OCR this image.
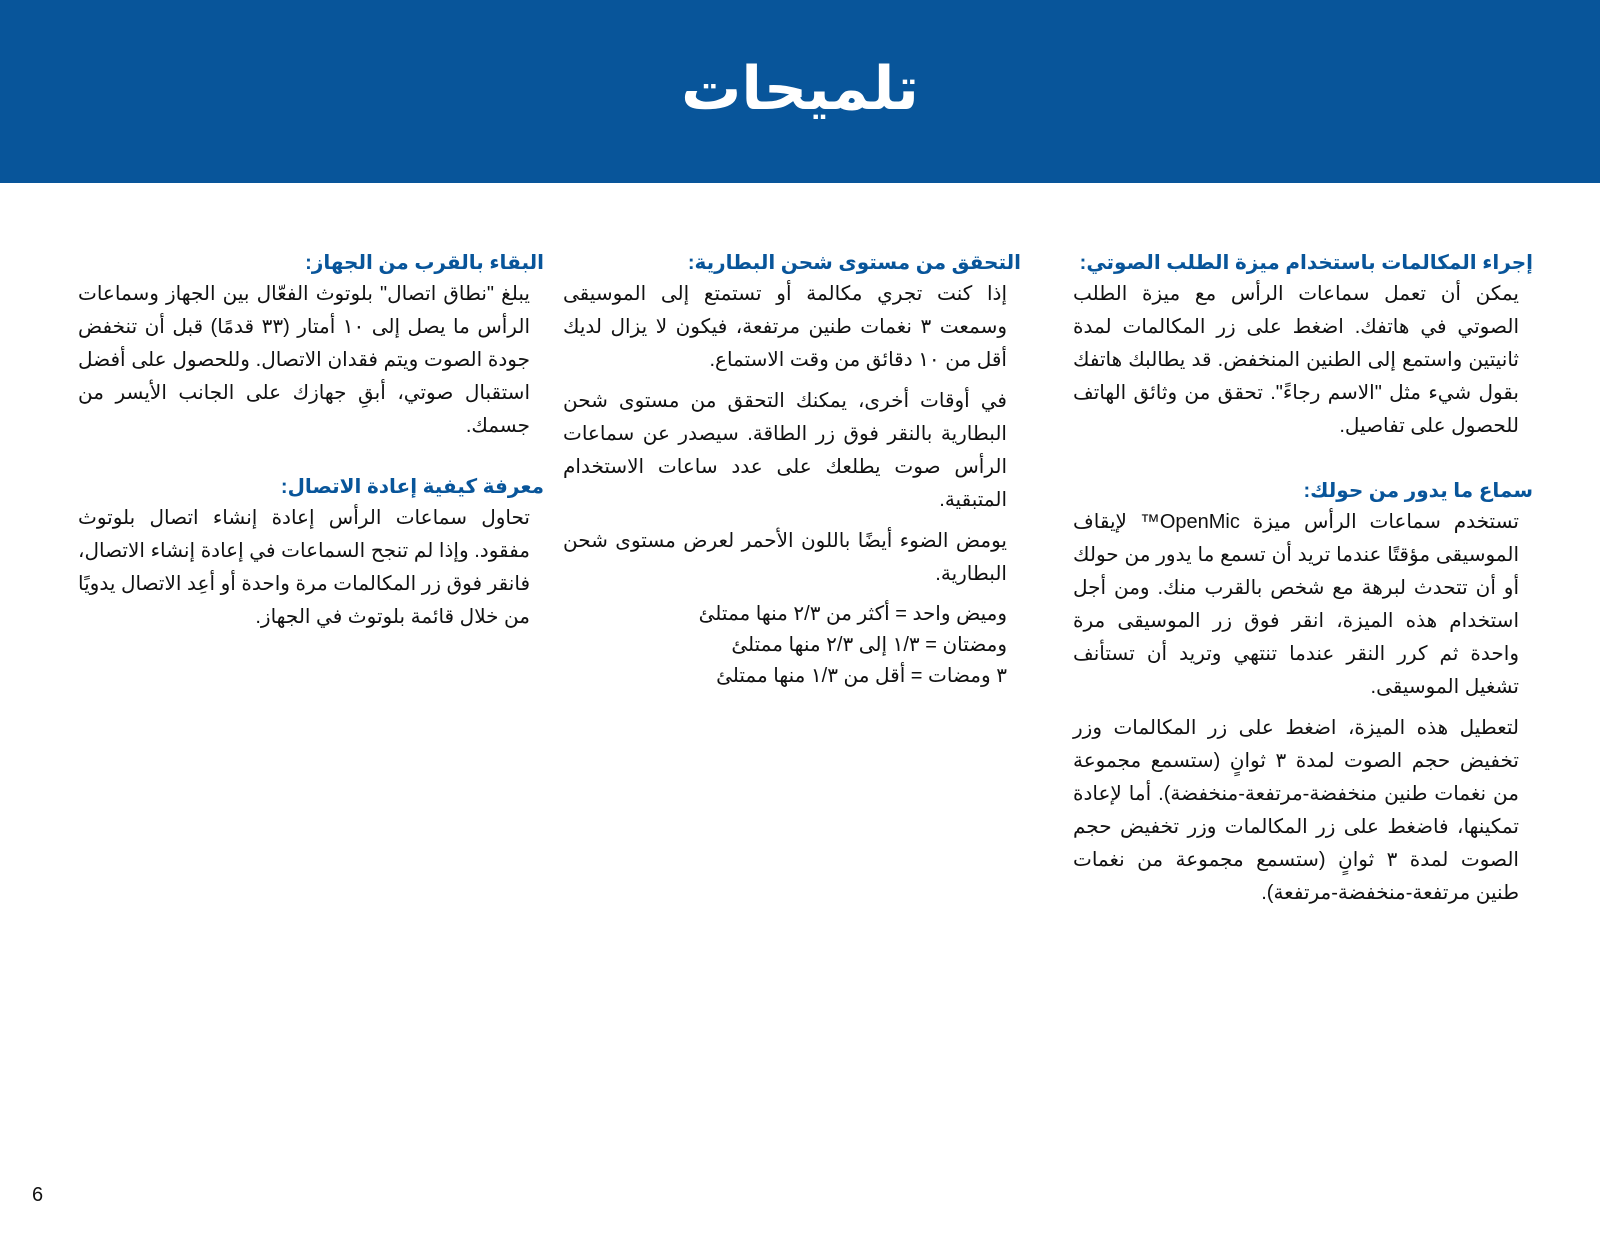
تلميحات
إجراء المكالمات باستخدام ميزة الطلب الصوتي:

يمكن أن تعمل سماعات الرأس مع ميزة الطلب الصوتي في هاتفك. اضغط على زر المكالمات لمدة ثانيتين واستمع إلى الطنين المنخفض. قد يطالبك هاتفك بقول شيء مثل "الاسم رجاءً". تحقق من وثائق الهاتف للحصول على تفاصيل.

سماع ما يدور من حولك:

تستخدم سماعات الرأس ميزة OpenMic™ لإيقاف الموسيقى مؤقتًا عندما تريد أن تسمع ما يدور من حولك أو أن تتحدث لبرهة مع شخص بالقرب منك. ومن أجل استخدام هذه الميزة، انقر فوق زر الموسيقى مرة واحدة ثم كرر النقر عندما تنتهي وتريد أن تستأنف تشغيل الموسيقى.

لتعطيل هذه الميزة، اضغط على زر المكالمات وزر تخفيض حجم الصوت لمدة ٣ ثوانٍ (ستسمع مجموعة من نغمات طنين منخفضة-مرتفعة-منخفضة). أما لإعادة تمكينها، فاضغط على زر المكالمات وزر تخفيض حجم الصوت لمدة ٣ ثوانٍ (ستسمع مجموعة من نغمات طنين مرتفعة-منخفضة-مرتفعة).

التحقق من مستوى شحن البطارية:

إذا كنت تجري مكالمة أو تستمتع إلى الموسيقى وسمعت ٣ نغمات طنين مرتفعة، فيكون لا يزال لديك أقل من ١٠ دقائق من وقت الاستماع.

في أوقات أخرى، يمكنك التحقق من مستوى شحن البطارية بالنقر فوق زر الطاقة. سيصدر عن سماعات الرأس صوت يطلعك على عدد ساعات الاستخدام المتبقية.

يومض الضوء أيضًا باللون الأحمر لعرض مستوى شحن البطارية.

وميض واحد = أكثر من ٢/٣ منها ممتلئ
ومضتان = ١/٣ إلى ٢/٣ منها ممتلئ
٣ ومضات = أقل من ١/٣ منها ممتلئ
البقاء بالقرب من الجهاز:

يبلغ "نطاق اتصال" بلوتوث الفعّال بين الجهاز وسماعات الرأس ما يصل إلى ١٠ أمتار (٣٣ قدمًا) قبل أن تنخفض جودة الصوت ويتم فقدان الاتصال. وللحصول على أفضل استقبال صوتي، أبقِ جهازك على الجانب الأيسر من جسمك.

معرفة كيفية إعادة الاتصال:

تحاول سماعات الرأس إعادة إنشاء اتصال بلوتوث مفقود. وإذا لم تنجح السماعات في إعادة إنشاء الاتصال، فانقر فوق زر المكالمات مرة واحدة أو أعِد الاتصال يدويًا من خلال قائمة بلوتوث في الجهاز.

6
